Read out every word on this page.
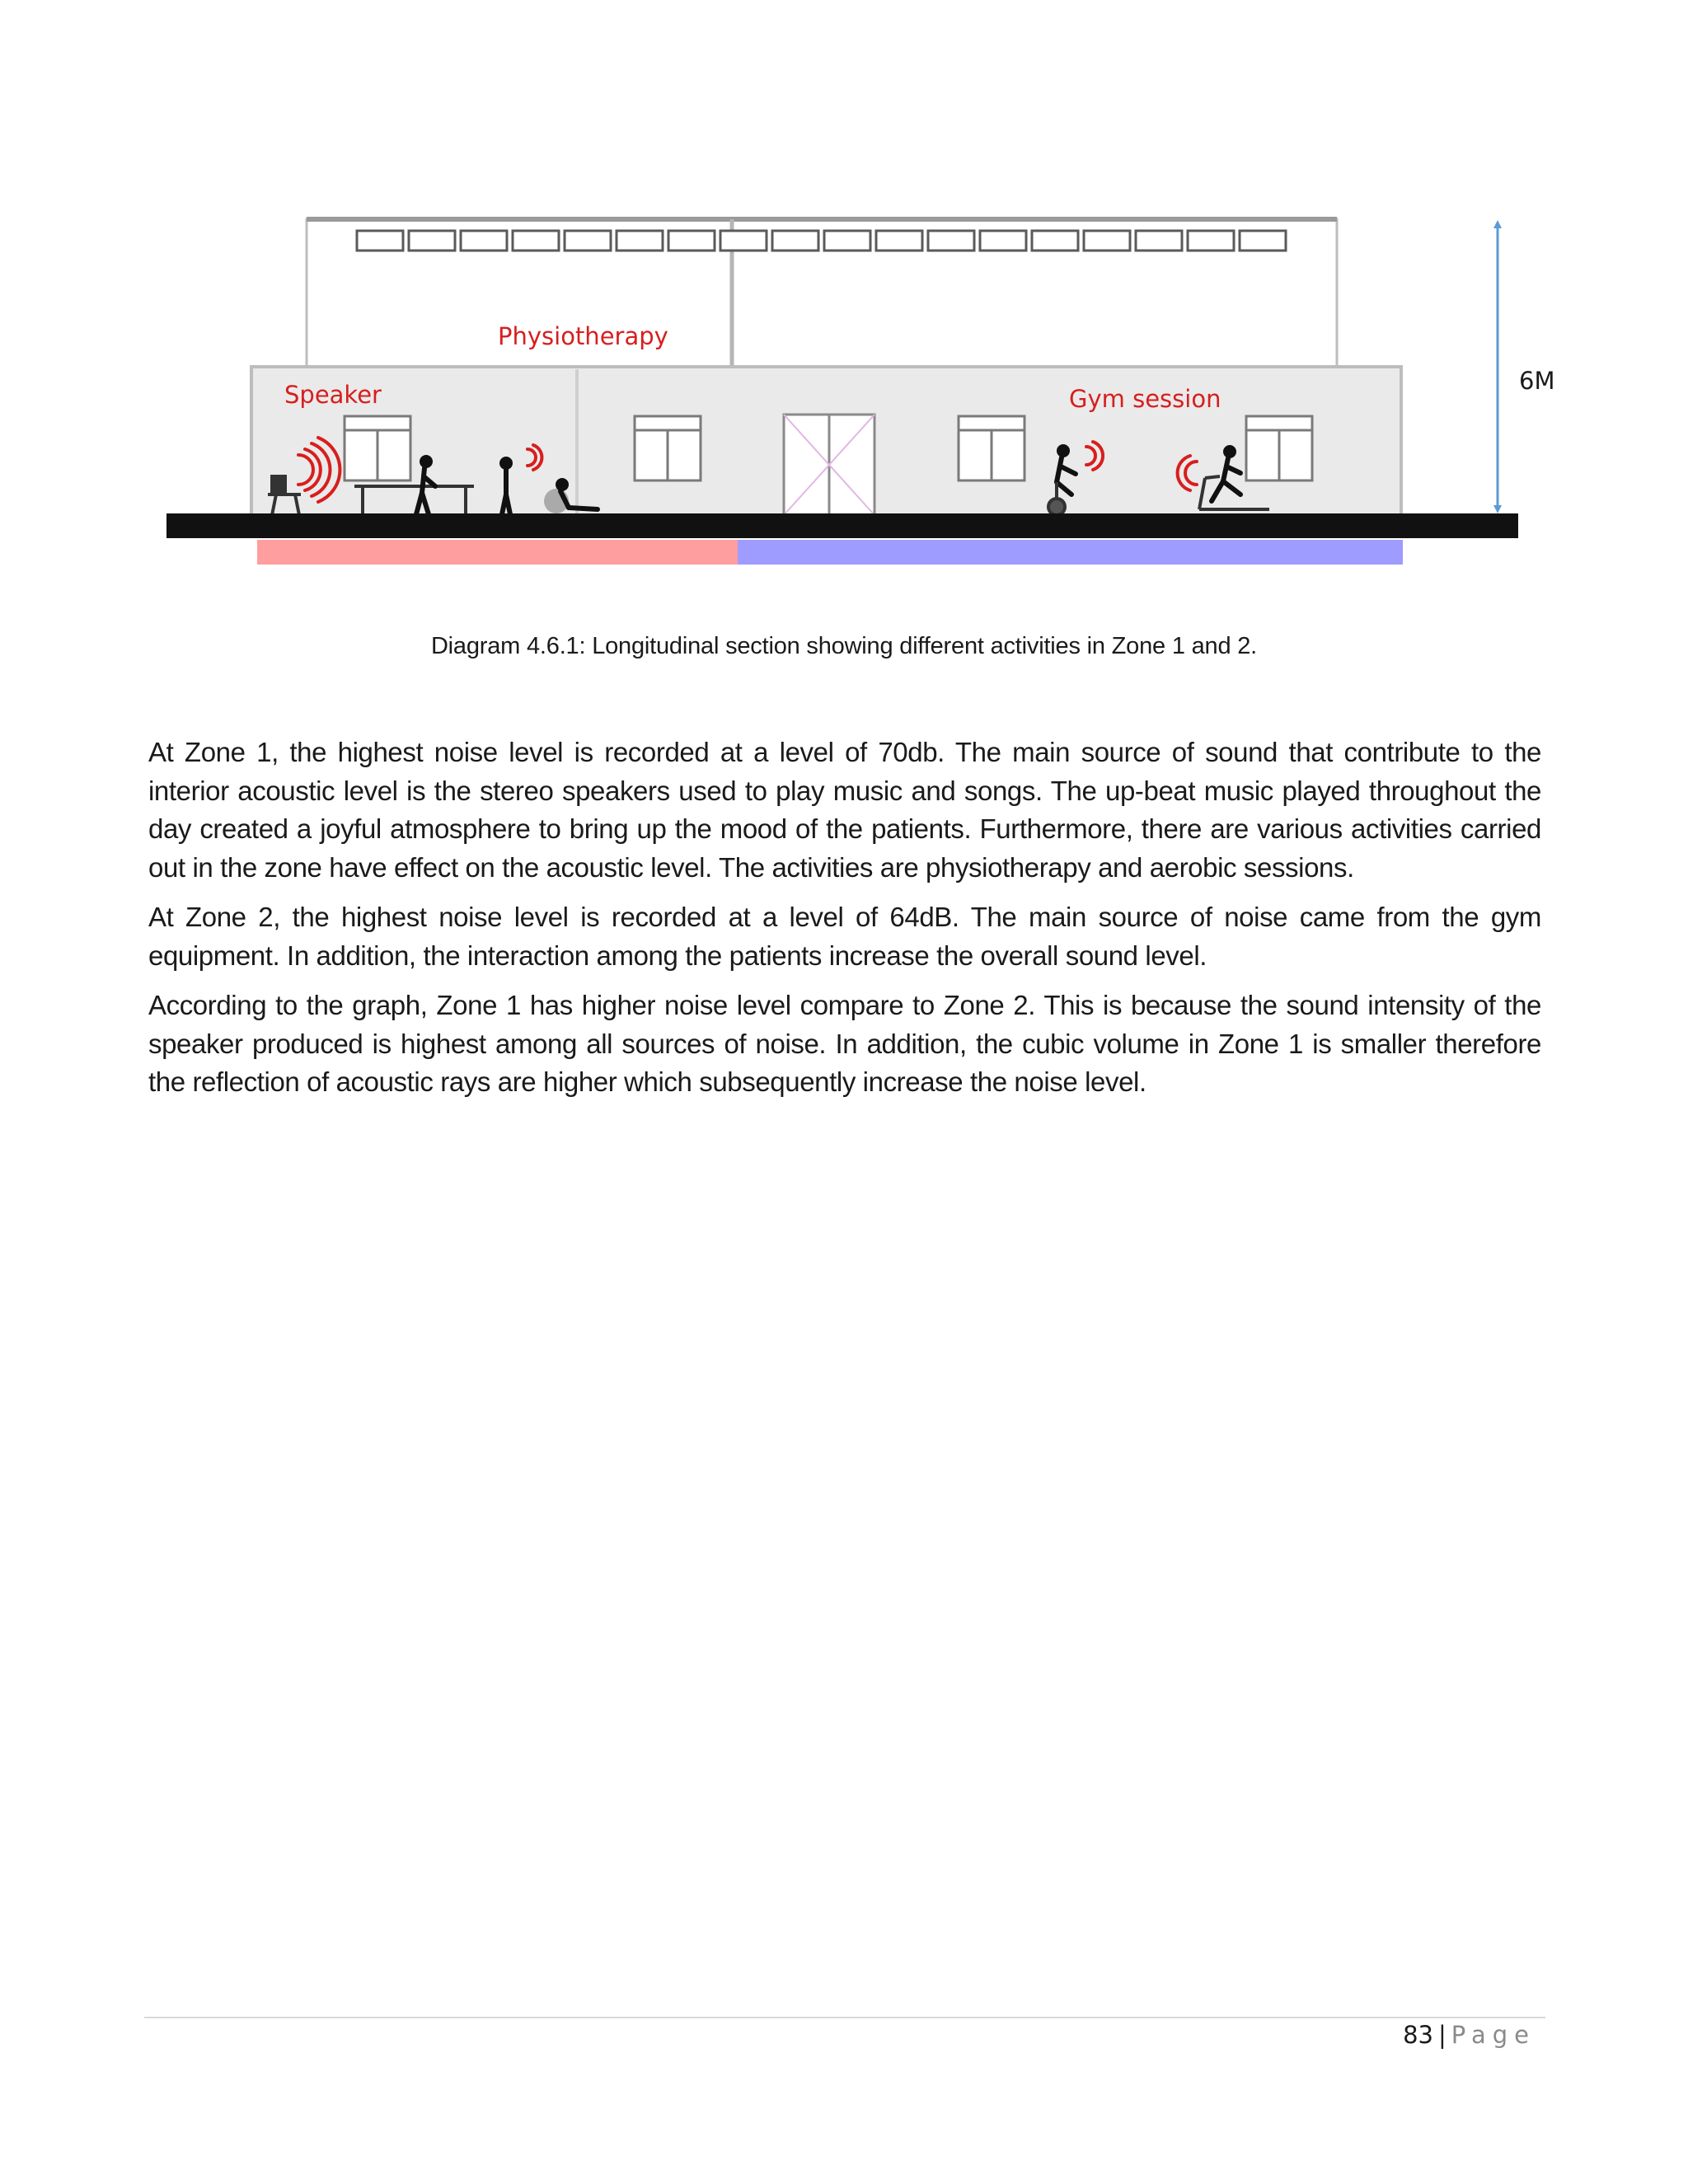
6M
Physiotherapy
Speaker	Gym session
Diagram 4.6.1: Longitudinal section showing different activities in Zone 1 and 2.

At Zone 1, the highest noise level is recorded at a level of 70db. The main source of sound that contribute to the interior acoustic level is the stereo speakers used to play music and songs. The up-beat music played throughout the day created a joyful atmosphere to bring up the mood of the patients. Furthermore, there are various activities carried out in the zone have effect on the acoustic level. The activities are physiotherapy and aerobic sessions.

At Zone 2, the highest noise level is recorded at a level of 64dB. The main source of noise came from the gym equipment. In addition, the interaction among the patients increase the overall sound level.

According to the graph, Zone 1 has higher noise level compare to Zone 2. This is because the sound intensity of the speaker produced is highest among all sources of noise. In addition, the cubic volume in Zone 1 is smaller therefore the reflection of acoustic rays are higher which subsequently increase the noise level.

83 | Page
